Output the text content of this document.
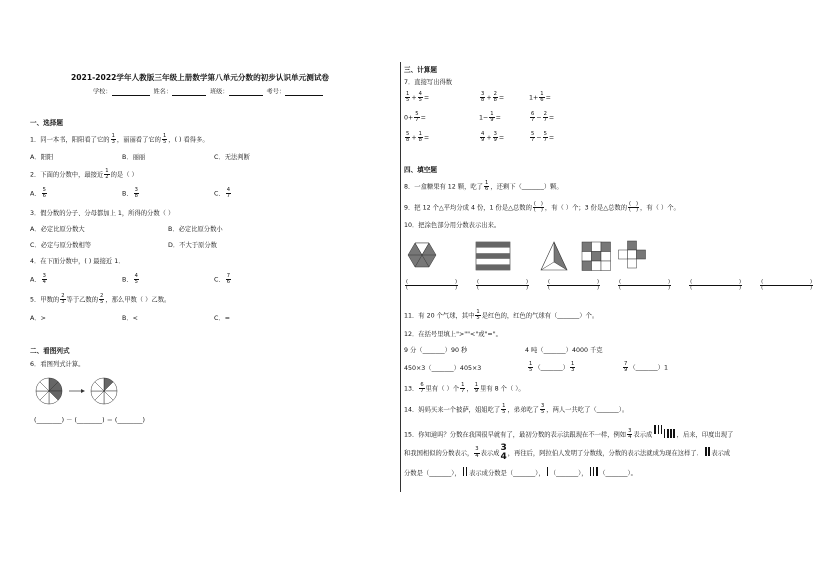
2021-2022学年人教版三年级上册数学第八单元分数的初步认识单元测试卷
学校：	姓名：	班级：	考号：
一、选择题
1．同一本书，阳阳看了它的 $\frac{1}{3}$ ，丽丽看了它的 $\frac{1}{5}$ ，( ) 看得多。
A．阳阳	B．丽丽	C．无法判断
2．下面的分数中，最接近 $\frac{1}{2}$ 的是（ ）
A． $\frac{5}{6}$	B． $\frac{3}{8}$	C． $\frac{4}{7}$
3．假分数的分子、分母都加上 1，所得的分数（ ）
A．必定比原分数大	B．必定比原分数小
C．必定与原分数相等	D．不大于原分数
4．在下面分数中，( ) 最接近 1．
A． $\frac{3}{4}$	B． $\frac{4}{5}$	C． $\frac{7}{6}$
5．甲数的 $\frac{2}{3}$ 等于乙数的 $\frac{2}{5}$ ，那么甲数（ ）乙数。
A．>	B．<	C．=
二、看图列式
6．看图列式计算。
(________) － (________) ＝ (________)
三、计算题
7．直接写出得数
$\frac{1}{5} + \frac{4}{5}$ =	$\frac{3}{8} + \frac{2}{8}$ =	$1+ \frac{1}{6}$ =
$0+ \frac{5}{7}$ =	$1- \frac{1}{9}$ =	$\frac{6}{7} - \frac{2}{7}$ =
$\frac{5}{8} + \frac{1}{8}$ =	$\frac{4}{9} + \frac{3}{9}$ =	$\frac{5}{7} - \frac{5}{7}$ =
四、填空题
8．一盒糖果有 12 颗，吃了 $\frac{1}{6}$ ，还剩下（_______）颗。
9．把 12 个△平均分成 4 份，1 份是△总数的 $\frac{( )}{( )}$ ，有（ ）个；3 份是△总数的 $\frac{( )}{( )}$ ，有（ ）个。
10．把涂色部分用分数表示出来。
$\frac{( )}{( )}$
	$\frac{( )}{( )}$
	$\frac{( )}{( )}$
	$\frac{( )}{( )}$
	$\frac{( )}{( )}$
	$\frac{( )}{( )}$
11．有 20 个气球，其中 $\frac{1}{5}$ 是红色的，红色的气球有（_______）个。
12．在括号里填上">""<"或"="。
9 分（_______）90 秒	4 吨（_______）4000 千克
450×3（_______）405×3	$\frac{1}{5}$ （_______） $\frac{1}{3}$	$\frac{7}{9}$ （_______）1
13． $\frac{6}{7}$ 里有（ ）个 $\frac{1}{7}$ ， $\frac{1}{9}$ 里有 8 个（ ）。
14．妈妈买来一个披萨，姐姐吃了 $\frac{1}{5}$ ，弟弟吃了 $\frac{3}{5}$ ，两人一共吃了（_______）。
15．你知道吗？分数在我国很早就有了，最初分数的表示法跟现在不一样，例如 $\frac{3}{4}$ 表示成	，后来，印度出现了
和我国相似的分数表示， $\frac{3}{4}$ 表示成
3
4 ，再往后，阿拉伯人发明了分数线，分数的表示法就成为现在这样了． 表示成
分数是（_______）， 表示成分数是（_______）， （_______）， （_______）。
